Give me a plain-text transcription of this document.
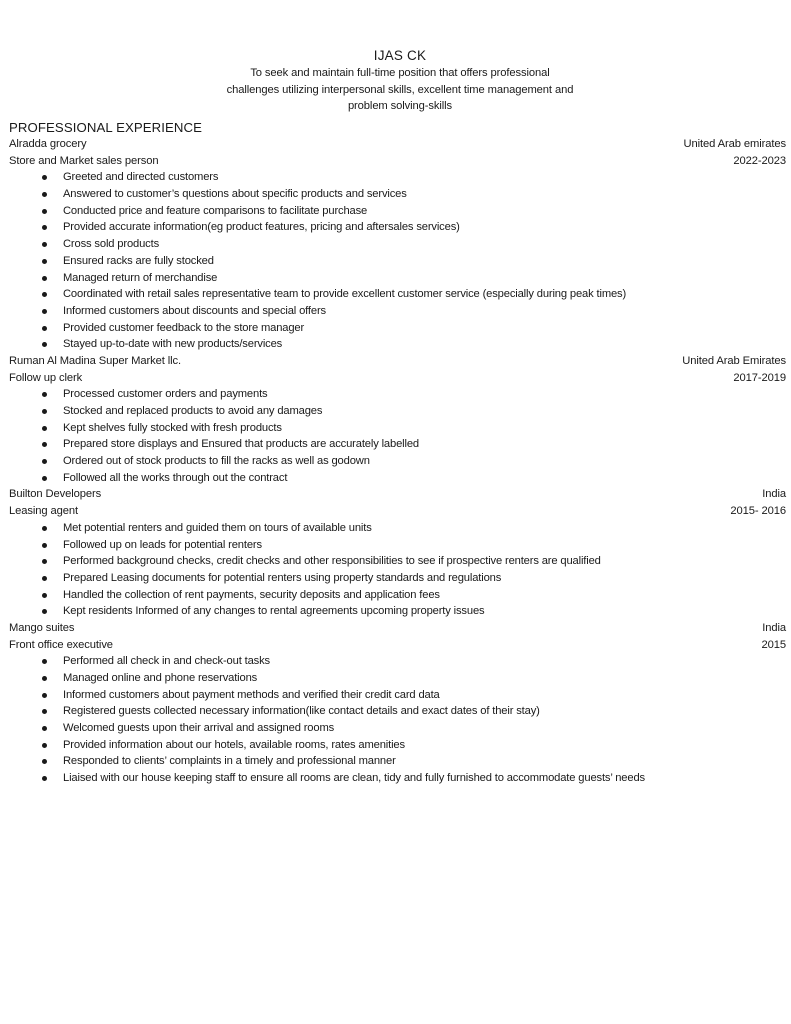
IJAS CK
To seek and maintain full-time position that offers professional
challenges utilizing interpersonal skills, excellent time management and
problem solving-skills
PROFESSIONAL EXPERIENCE
Alradda grocery	United Arab emirates
Store and Market sales person	2022-2023
Greeted and directed customers
Answered to customer’s questions about specific products and services
Conducted price and feature comparisons to facilitate purchase
Provided accurate information(eg product features, pricing and aftersales services)
Cross sold products
Ensured racks are fully stocked
Managed return of merchandise
Coordinated with retail sales representative team to provide excellent customer service (especially during peak times)
Informed customers about discounts and special offers
Provided customer feedback to the store manager
Stayed up-to-date with new products/services
Ruman Al Madina Super Market llc.	United Arab Emirates
Follow up clerk	2017-2019
Processed customer orders and payments
Stocked and replaced products to avoid any damages
Kept shelves fully stocked with fresh products
Prepared store displays and Ensured that products are accurately labelled
Ordered out of stock products to fill the racks as well as godown
Followed all the works through out the contract
Builton Developers	India
Leasing agent	2015- 2016
Met potential renters and guided them on tours of available units
Followed up on leads for potential renters
Performed background checks, credit checks and other responsibilities to see if prospective renters are qualified
Prepared Leasing documents for potential renters using property standards and regulations
Handled the collection of rent payments, security deposits and application fees
Kept residents Informed of any changes to rental agreements upcoming property issues
Mango suites	India
Front office executive	2015
Performed all check in and check-out tasks
Managed online and phone reservations
Informed customers about payment methods and verified their credit card data
Registered guests collected necessary information(like contact details and exact dates of their stay)
Welcomed guests upon their arrival and assigned rooms
Provided information about our hotels, available rooms, rates amenities
Responded to clients’ complaints in a timely and professional manner
Liaised with our house keeping staff to ensure all rooms are clean, tidy and fully furnished to accommodate guests’ needs
